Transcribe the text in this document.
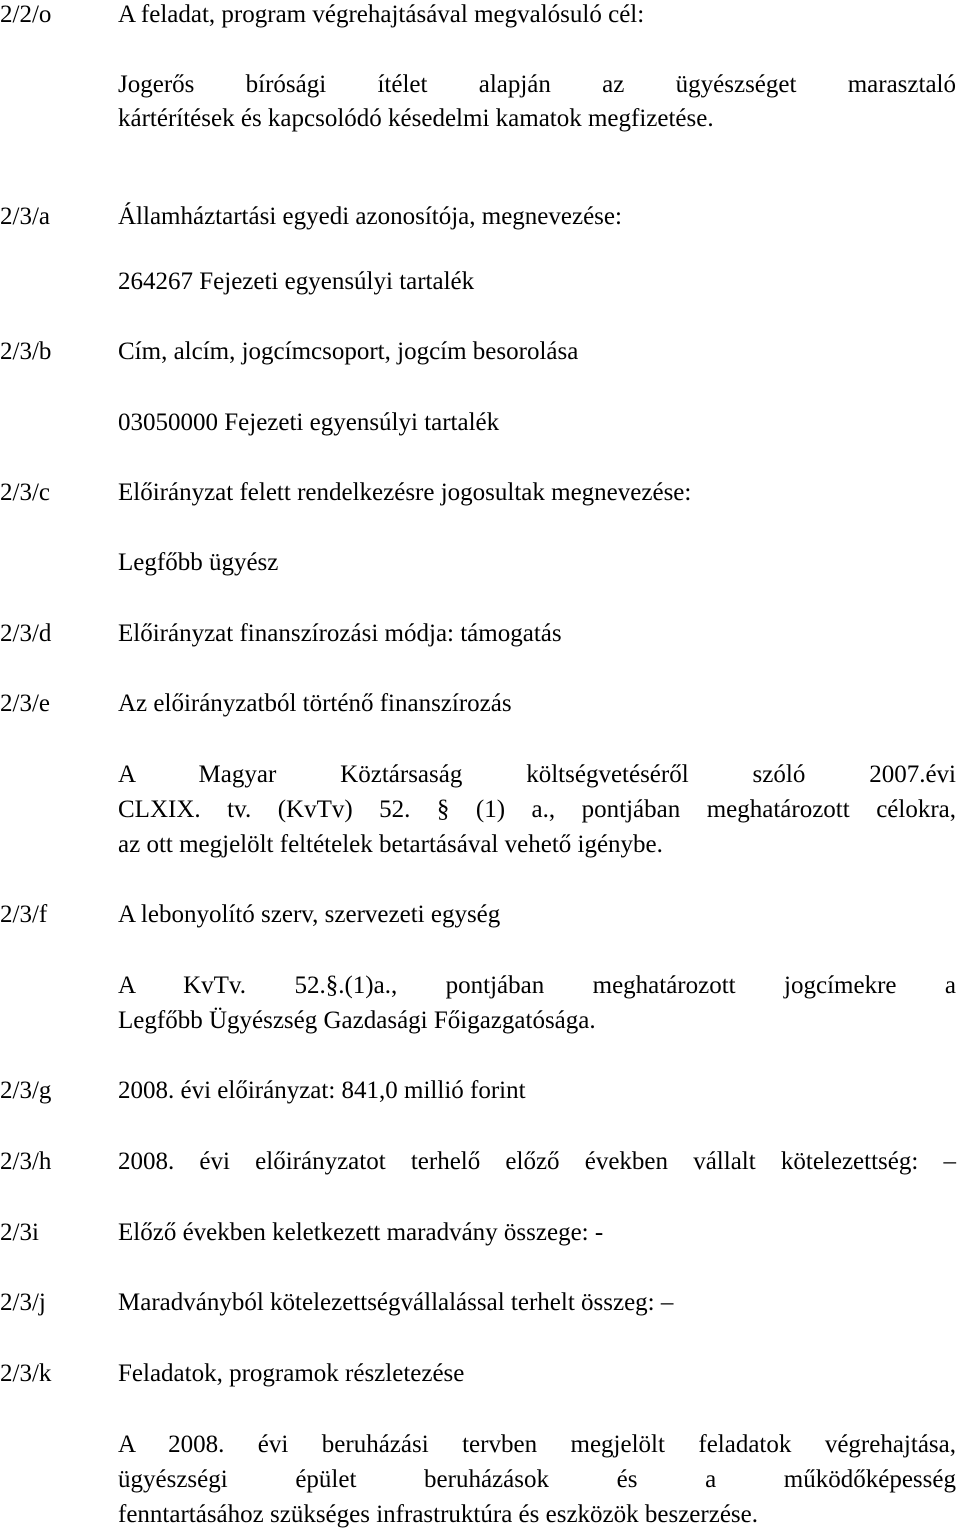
2/2/o	A feladat, program végrehajtásával megvalósuló cél:
Jogerős bírósági ítélet alapján az ügyészséget marasztaló
kártérítések és kapcsolódó késedelmi kamatok megfizetése.
2/3/a	Államháztartási egyedi azonosítója, megnevezése:
264267 Fejezeti egyensúlyi tartalék
2/3/b	Cím, alcím, jogcímcsoport, jogcím besorolása
03050000 Fejezeti egyensúlyi tartalék
2/3/c	Előirányzat felett rendelkezésre jogosultak megnevezése:
Legfőbb ügyész
2/3/d	Előirányzat finanszírozási módja: támogatás
2/3/e	Az előirányzatból történő finanszírozás
A Magyar Köztársaság költségvetéséről szóló 2007.évi
CLXIX. tv. (KvTv) 52. § (1) a., pontjában meghatározott célokra,
az ott megjelölt feltételek betartásával vehető igénybe.
2/3/f	A lebonyolító szerv, szervezeti egység
A KvTv. 52.§.(1)a., pontjában meghatározott jogcímekre a
Legfőbb Ügyészség Gazdasági Főigazgatósága.
2/3/g	2008. évi előirányzat: 841,0 millió forint
2/3/h	2008. évi előirányzatot terhelő előző években vállalt kötelezettség: –
2/3i	Előző években keletkezett maradvány összege: -
2/3/j	Maradványból kötelezettségvállalással terhelt összeg: –
2/3/k	Feladatok, programok részletezése
A 2008. évi beruházási tervben megjelölt feladatok végrehajtása,
ügyészségi épület beruházások és a működőképesség
fenntartásához szükséges infrastruktúra és eszközök beszerzése.
